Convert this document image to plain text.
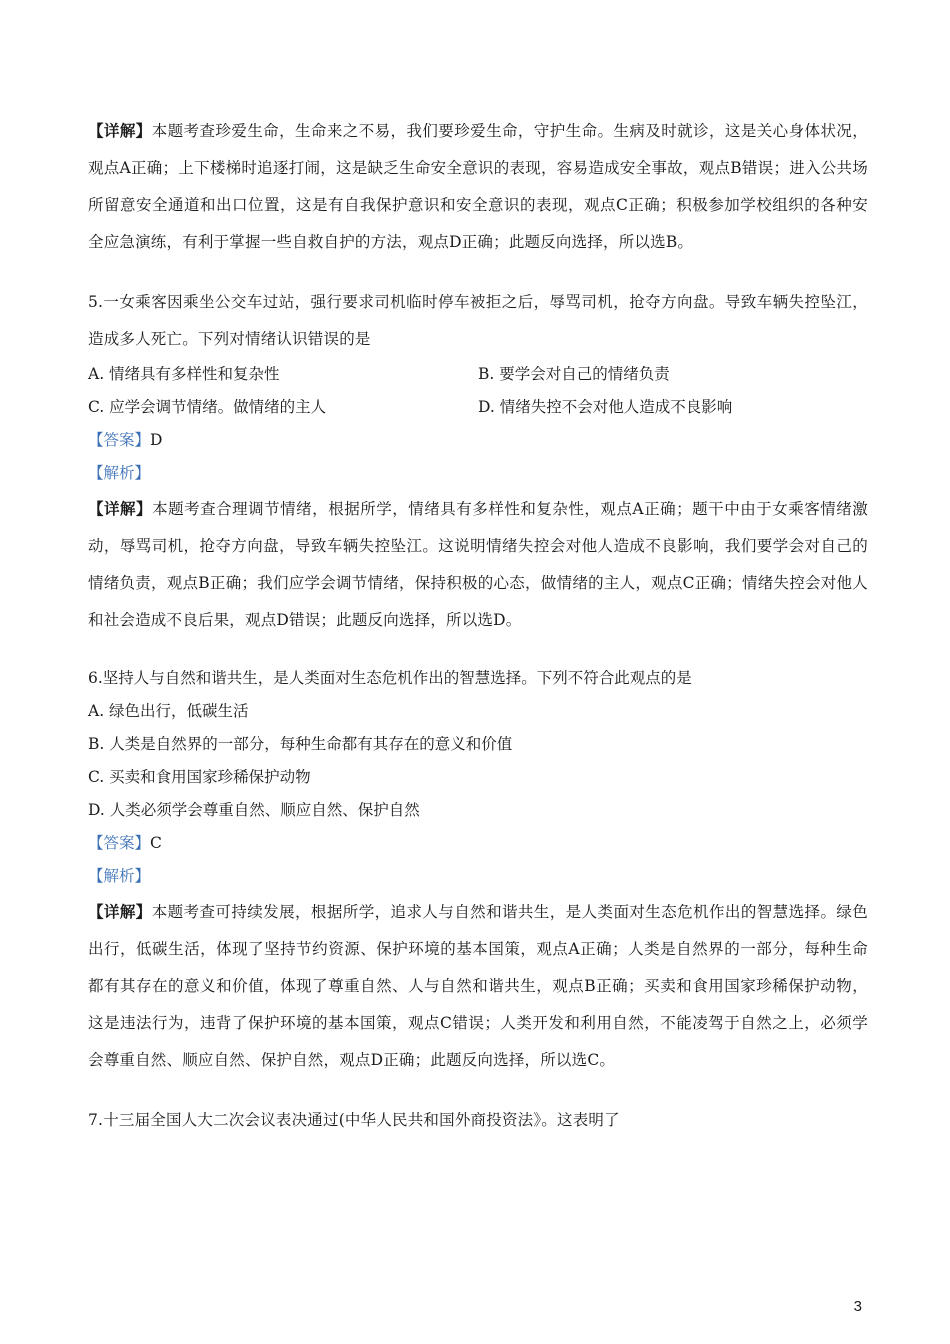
【详解】本题考查珍爱生命，生命来之不易，我们要珍爱生命，守护生命。生病及时就诊，这是关心身体状况，观点A正确；上下楼梯时追逐打闹，这是缺乏生命安全意识的表现，容易造成安全事故，观点B错误；进入公共场所留意安全通道和出口位置，这是有自我保护意识和安全意识的表现，观点C正确；积极参加学校组织的各种安全应急演练，有利于掌握一些自救自护的方法，观点D正确；此题反向选择，所以选B。

5.一女乘客因乘坐公交车过站，强行要求司机临时停车被拒之后，辱骂司机，抢夺方向盘。导致车辆失控坠江，造成多人死亡。下列对情绪认识错误的是

A. 情绪具有多样性和复杂性	B. 要学会对自己的情绪负责
C. 应学会调节情绪。做情绪的主人	D. 情绪失控不会对他人造成不良影响

【答案】D

【解析】

【详解】本题考查合理调节情绪，根据所学，情绪具有多样性和复杂性，观点A正确；题干中由于女乘客情绪激动，辱骂司机，抢夺方向盘，导致车辆失控坠江。这说明情绪失控会对他人造成不良影响，我们要学会对自己的情绪负责，观点B正确；我们应学会调节情绪，保持积极的心态，做情绪的主人，观点C正确；情绪失控会对他人和社会造成不良后果，观点D错误；此题反向选择，所以选D。

6.坚持人与自然和谐共生，是人类面对生态危机作出的智慧选择。下列不符合此观点的是

A. 绿色出行，低碳生活

B. 人类是自然界的一部分，每种生命都有其存在的意义和价值

C. 买卖和食用国家珍稀保护动物

D. 人类必须学会尊重自然、顺应自然、保护自然

【答案】C

【解析】

【详解】本题考查可持续发展，根据所学，追求人与自然和谐共生，是人类面对生态危机作出的智慧选择。绿色出行，低碳生活，体现了坚持节约资源、保护环境的基本国策，观点A正确；人类是自然界的一部分，每种生命都有其存在的意义和价值，体现了尊重自然、人与自然和谐共生，观点B正确；买卖和食用国家珍稀保护动物，这是违法行为，违背了保护环境的基本国策，观点C错误；人类开发和利用自然，不能凌驾于自然之上，必须学会尊重自然、顺应自然、保护自然，观点D正确；此题反向选择，所以选C。

7.十三届全国人大二次会议表决通过(中华人民共和国外商投资法》。这表明了

3
